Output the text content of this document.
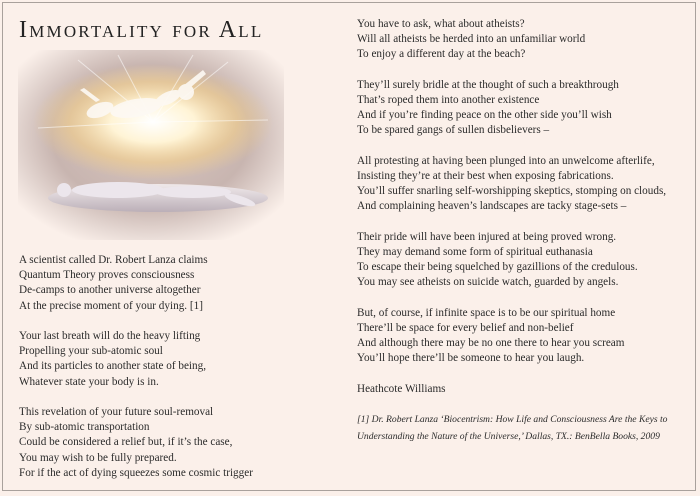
Immortality for All
A scientist called Dr. Robert Lanza claims
Quantum Theory proves consciousness
De-camps to another universe altogether
At the precise moment of your dying. [1]
Your last breath will do the heavy lifting
Propelling your sub-atomic soul
And its particles to another state of being,
Whatever state your body is in.
This revelation of your future soul-removal
By sub-atomic transportation
Could be considered a relief but, if it’s the case,
You may wish to be fully prepared.
For if the act of dying squeezes some cosmic trigger
You have to ask, what about atheists?
Will all atheists be herded into an unfamiliar world
To enjoy a different day at the beach?
They’ll surely bridle at the thought of such a breakthrough
That’s roped them into another existence
And if you’re finding peace on the other side you’ll wish
To be spared gangs of sullen disbelievers –
All protesting at having been plunged into an unwelcome afterlife,
Insisting they’re at their best when exposing fabrications.
You’ll suffer snarling self-worshipping skeptics, stomping on clouds,
And complaining heaven’s landscapes are tacky stage-sets –
Their pride will have been injured at being proved wrong.
They may demand some form of spiritual euthanasia
To escape their being squelched by gazillions of the credulous.
You may see atheists on suicide watch, guarded by angels.
But, of course, if infinite space is to be our spiritual home
There’ll be space for every belief and non-belief
And although there may be no one there to hear you scream
You’ll hope there’ll be someone to hear you laugh.
Heathcote Williams
[1] Dr. Robert Lanza ‘Biocentrism: How Life and Consciousness Are the Keys to
Understanding the Nature of the Universe,’ Dallas, TX.: BenBella Books, 2009
